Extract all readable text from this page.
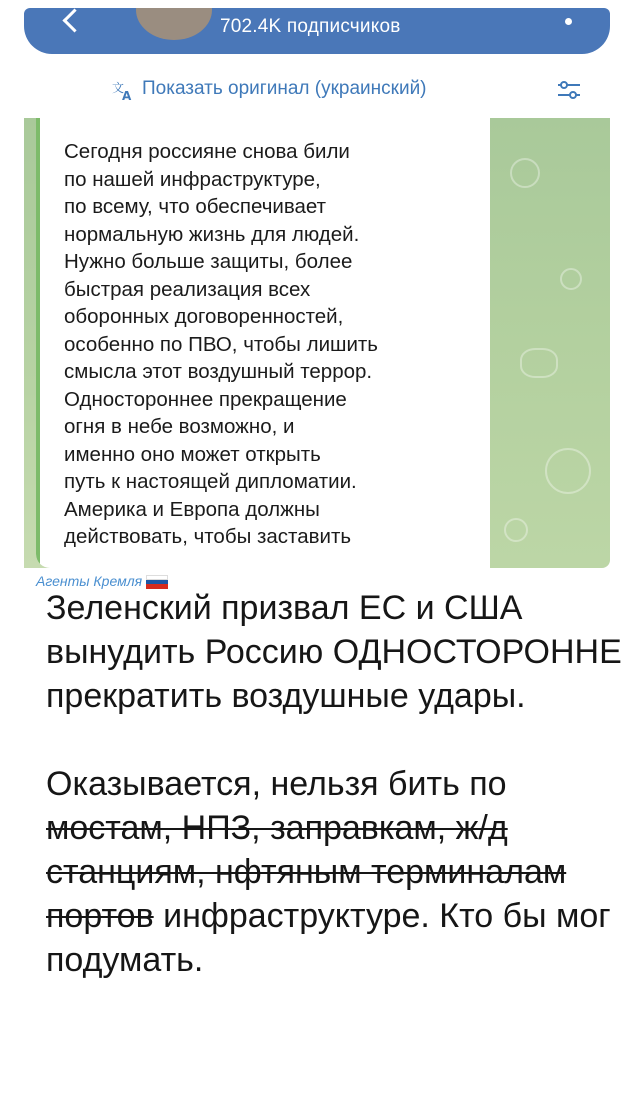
702.4K подписчиков
文
A Показать оригинал (украинский)
Сегодня россияне снова били
по нашей инфраструктуре,
по всему, что обеспечивает
нормальную жизнь для людей.
Нужно больше защиты, более
быстрая реализация всех
оборонных договоренностей,
особенно по ПВО, чтобы лишить
смысла этот воздушный террор.
Одностороннее прекращение
огня в небе возможно, и
именно оно может открыть
путь к настоящей дипломатии.
Америка и Европа должны
действовать, чтобы заставить
Агенты Кремля

Зеленский призвал ЕС и США вынудить Россию ОДНОСТОРОННЕ прекратить воздушные удары.

Оказывается, нельзя бить по мостам, НПЗ, заправкам, ж/д станциям, нфтяным терминалам портов инфраструктуре. Кто бы мог подумать.
